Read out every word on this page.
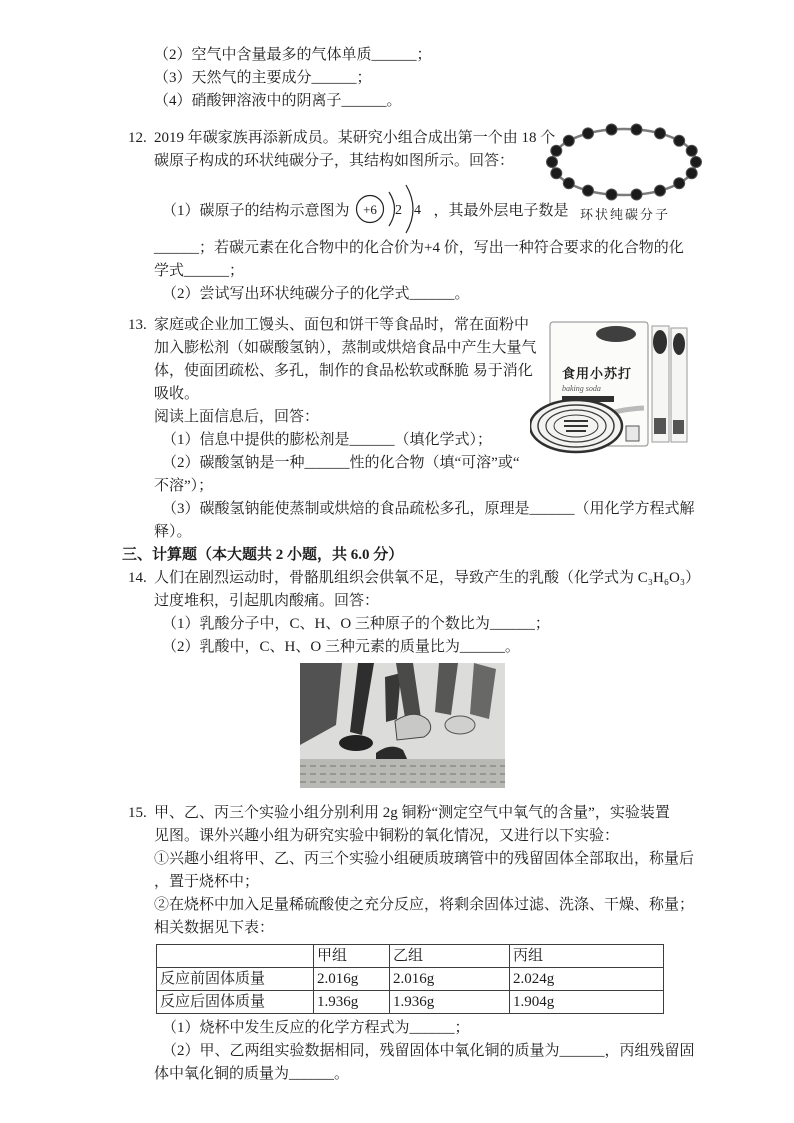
（2）空气中含量最多的气体单质______；
（3）天然气的主要成分______；
（4）硝酸钾溶液中的阴离子______。
12.
环状纯碳分子
2019 年碳家族再添新成员。某研究小组合成出第一个由 18 个
碳原子构成的环状纯碳分子，其结构如图所示。回答：
（1）碳原子的结构示意图为 +6 2 4 ，其最外层电子数是
______；若碳元素在化合物中的化合价为+4 价，写出一种符合要求的化合物的化
学式______；
（2）尝试写出环状纯碳分子的化学式______。
13.
食用小苏打
baking soda
家庭或企业加工馒头、面包和饼干等食品时，常在面粉中
加入膨松剂（如碳酸氢钠），蒸制或烘焙食品中产生大量气
体，使面团疏松、多孔，制作的食品松软或酥脆 易于消化
吸收。
阅读上面信息后，回答：
（1）信息中提供的膨松剂是______（填化学式）；
（2）碳酸氢钠是一种______性的化合物（填“可溶”或“
不溶”）；
（3）碳酸氢钠能使蒸制或烘焙的食品疏松多孔，原理是______（用化学方程式解
释）。
三、计算题（本大题共 2 小题，共 6.0 分）
14. 人们在剧烈运动时，骨骼肌组织会供氧不足，导致产生的乳酸（化学式为 C₃H₆O₃）
过度堆积，引起肌肉酸痛。回答：
（1）乳酸分子中，C、H、O 三种原子的个数比为______；
（2）乳酸中，C、H、O 三种元素的质量比为______。
15. 甲、乙、丙三个实验小组分别利用 2g 铜粉“测定空气中氧气的含量”，实验装置
见图。课外兴趣小组为研究实验中铜粉的氧化情况，又进行以下实验：
①兴趣小组将甲、乙、丙三个实验小组硬质玻璃管中的残留固体全部取出，称量后
，置于烧杯中；
②在烧杯中加入足量稀硫酸使之充分反应，将剩余固体过滤、洗涤、干燥、称量；
相关数据见下表：
	甲组	乙组	丙组
反应前固体质量	2.016g	2.016g	2.024g
反应后固体质量	1.936g	1.936g	1.904g
（1）烧杯中发生反应的化学方程式为______；
（2）甲、乙两组实验数据相同，残留固体中氧化铜的质量为______，丙组残留固
体中氧化铜的质量为______。
